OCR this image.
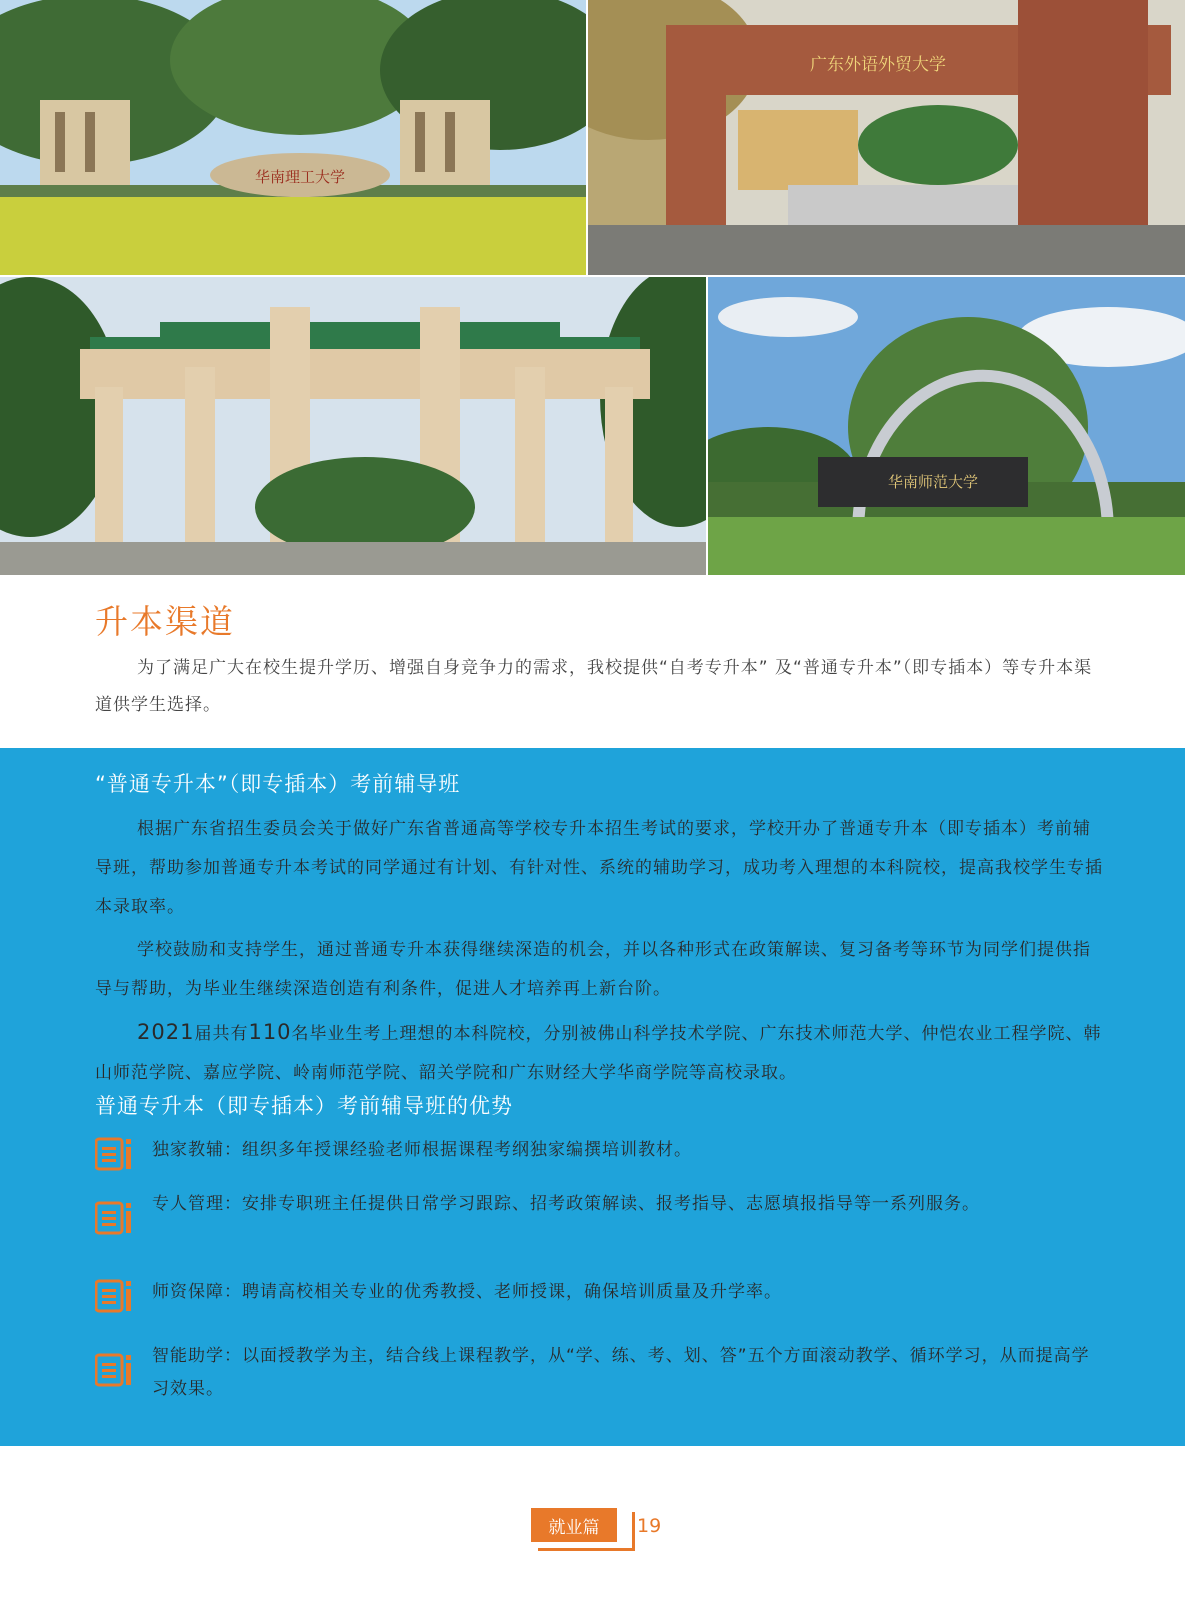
华南理工大学
广东外语外贸大学
华南师范大学
升本渠道

为了满足广大在校生提升学历、增强自身竞争力的需求，我校提供“自考专升本” 及“普通专升本”（即专插本）等专升本渠道供学生选择。

“普通专升本”（即专插本）考前辅导班

根据广东省招生委员会关于做好广东省普通高等学校专升本招生考试的要求，学校开办了普通专升本（即专插本）考前辅导班，帮助参加普通专升本考试的同学通过有计划、有针对性、系统的辅助学习，成功考入理想的本科院校，提高我校学生专插本录取率。

学校鼓励和支持学生，通过普通专升本获得继续深造的机会，并以各种形式在政策解读、复习备考等环节为同学们提供指导与帮助，为毕业生继续深造创造有利条件，促进人才培养再上新台阶。

2021届共有110名毕业生考上理想的本科院校，分别被佛山科学技术学院、广东技术师范大学、仲恺农业工程学院、韩山师范学院、嘉应学院、岭南师范学院、韶关学院和广东财经大学华商学院等高校录取。

普通专升本（即专插本）考前辅导班的优势

独家教辅：组织多年授课经验老师根据课程考纲独家编撰培训教材。

专人管理：安排专职班主任提供日常学习跟踪、招考政策解读、报考指导、志愿填报指导等一系列服务。

师资保障：聘请高校相关专业的优秀教授、老师授课，确保培训质量及升学率。

智能助学：以面授教学为主，结合线上课程教学，从“学、练、考、划、答”五个方面滚动教学、循环学习，从而提高学习效果。

就业篇	19
